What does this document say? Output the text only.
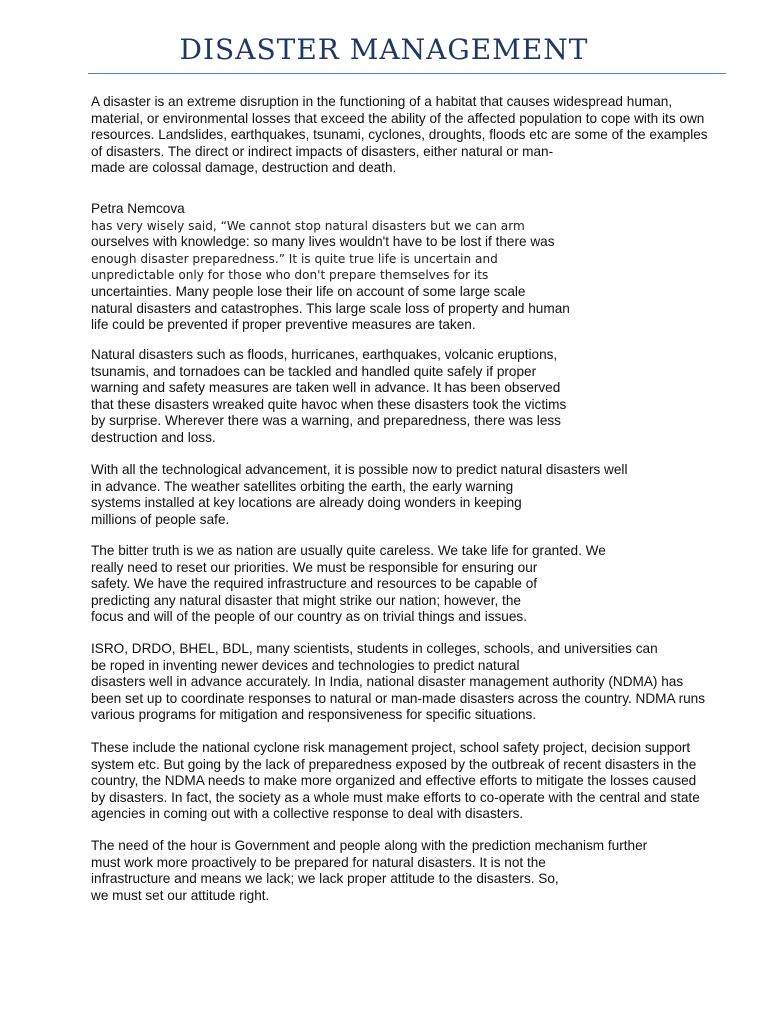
DISASTER MANAGEMENT

A disaster is an extreme disruption in the functioning of a habitat that causes widespread human,
material, or environmental losses that exceed the ability of the affected population to cope with its own
resources. Landslides, earthquakes, tsunami, cyclones, droughts, floods etc are some of the examples
of disasters. The direct or indirect impacts of disasters, either natural or man-
made are colossal damage, destruction and death.

Petra Nemcova
has very wisely said, “We cannot stop natural disasters but we can arm
ourselves with knowledge: so many lives wouldn't have to be lost if there was
enough disaster preparedness.” It is quite true life is uncertain and
unpredictable only for those who don't prepare themselves for its
uncertainties. Many people lose their life on account of some large scale
natural disasters and catastrophes. This large scale loss of property and human
life could be prevented if proper preventive measures are taken.

Natural disasters such as floods, hurricanes, earthquakes, volcanic eruptions,
tsunamis, and tornadoes can be tackled and handled quite safely if proper
warning and safety measures are taken well in advance. It has been observed
that these disasters wreaked quite havoc when these disasters took the victims
by surprise. Wherever there was a warning, and preparedness, there was less
destruction and loss.

With all the technological advancement, it is possible now to predict natural disasters well
in advance. The weather satellites orbiting the earth, the early warning
systems installed at key locations are already doing wonders in keeping
millions of people safe.

The bitter truth is we as nation are usually quite careless. We take life for granted. We
really need to reset our priorities. We must be responsible for ensuring our
safety. We have the required infrastructure and resources to be capable of
predicting any natural disaster that might strike our nation; however, the
focus and will of the people of our country as on trivial things and issues.

ISRO, DRDO, BHEL, BDL, many scientists, students in colleges, schools, and universities can
be roped in inventing newer devices and technologies to predict natural
disasters well in advance accurately. In India, national disaster management authority (NDMA) has
been set up to coordinate responses to natural or man-made disasters across the country. NDMA runs
various programs for mitigation and responsiveness for specific situations.

These include the national cyclone risk management project, school safety project, decision support
system etc. But going by the lack of preparedness exposed by the outbreak of recent disasters in the
country, the NDMA needs to make more organized and effective efforts to mitigate the losses caused
by disasters. In fact, the society as a whole must make efforts to co-operate with the central and state
agencies in coming out with a collective response to deal with disasters.

The need of the hour is Government and people along with the prediction mechanism further
must work more proactively to be prepared for natural disasters. It is not the
infrastructure and means we lack; we lack proper attitude to the disasters. So,
we must set our attitude right.
